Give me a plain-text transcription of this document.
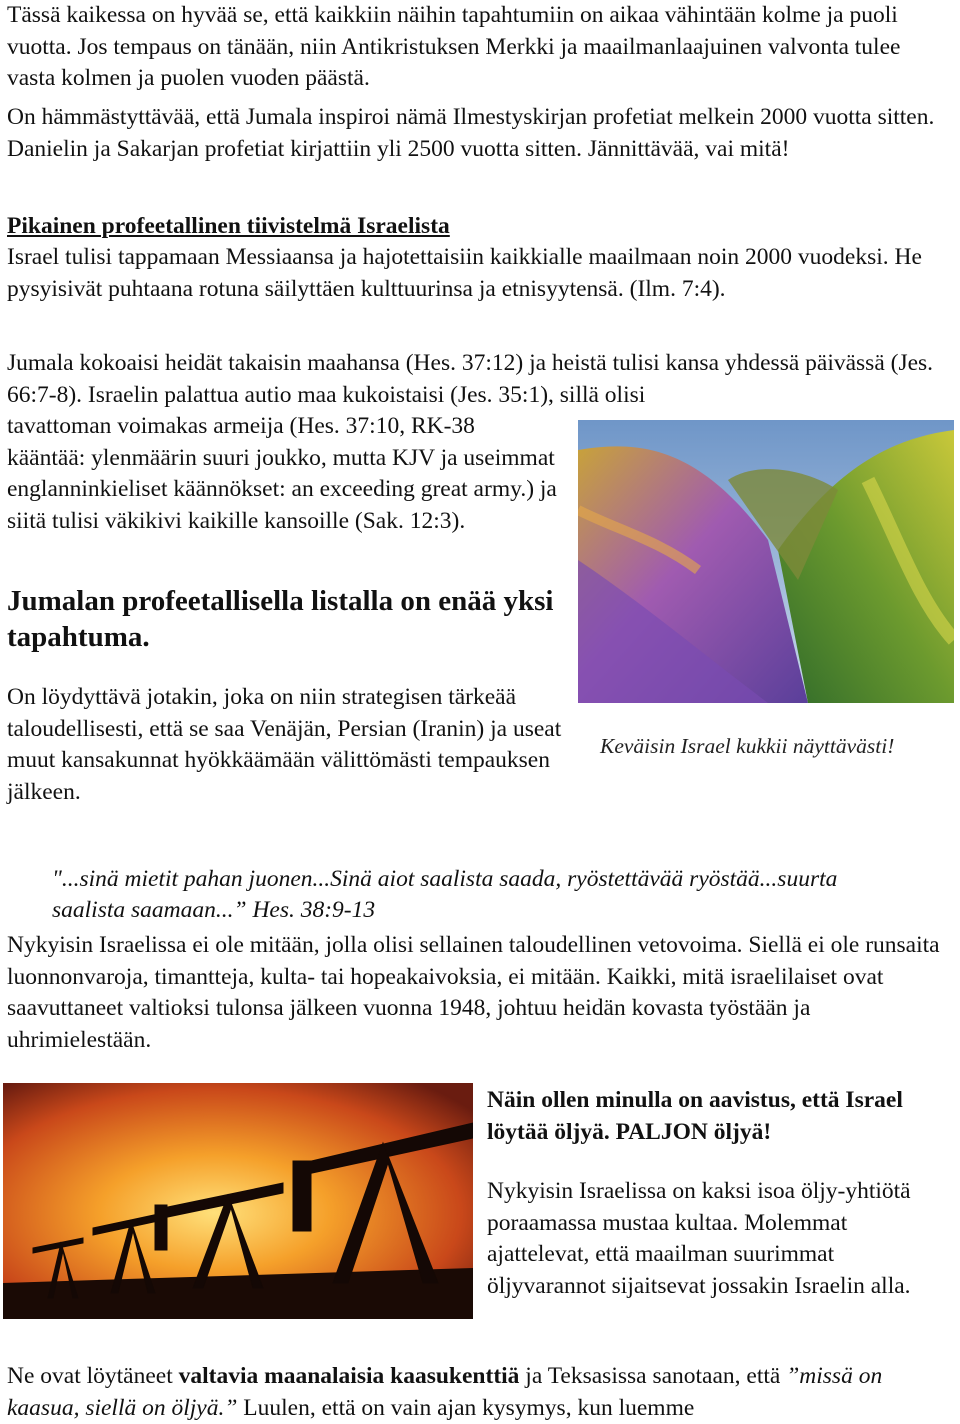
Tässä kaikessa on hyvää se, että kaikkiin näihin tapahtumiin on aikaa vähintään kolme ja puoli vuotta. Jos tempaus on tänään, niin Antikristuksen Merkki ja maailmanlaajuinen valvonta tulee vasta kolmen ja puolen vuoden päästä.

On hämmästyttävää, että Jumala inspiroi nämä Ilmestyskirjan profetiat melkein 2000 vuotta sitten. Danielin ja Sakarjan profetiat kirjattiin yli 2500 vuotta sitten. Jännittävää, vai mitä!

Pikainen profeetallinen tiivistelmä Israelista

Israel tulisi tappamaan Messiaansa ja hajotettaisiin kaikkialle maailmaan noin 2000 vuodeksi. He pysyisivät puhtaana rotuna säilyttäen kulttuurinsa ja etnisyytensä. (Ilm. 7:4).

Jumala kokoaisi heidät takaisin maahansa (Hes. 37:12) ja heistä tulisi kansa yhdessä päivässä (Jes. 66:7-8). Israelin palattua autio maa kukoistaisi (Jes. 35:1), sillä olisi

tavattoman voimakas armeija (Hes. 37:10, RK-38 kääntää: ylenmäärin suuri joukko, mutta KJV ja useimmat englanninkieliset käännökset: an exceeding great army.) ja siitä tulisi väkikivi kaikille kansoille (Sak. 12:3).

Jumalan profeetallisella listalla on enää yksi tapahtuma.

On löydyttävä jotakin, joka on niin strategisen tärkeää taloudellisesti, että se saa Venäjän, Persian (Iranin) ja useat muut kansakunnat hyökkäämään välittömästi tempauksen jälkeen.

Keväisin Israel kukkii näyttävästi!

"...sinä mietit pahan juonen...Sinä aiot saalista saada, ryöstettävää ryöstää...suurta saalista saamaan...” Hes. 38:9-13

Nykyisin Israelissa ei ole mitään, jolla olisi sellainen taloudellinen vetovoima. Siellä ei ole runsaita luonnonvaroja, timantteja, kulta- tai hopeakaivoksia, ei mitään. Kaikki, mitä israelilaiset ovat saavuttaneet valtioksi tulonsa jälkeen vuonna 1948, johtuu heidän kovasta työstään ja uhrimielestään.

Näin ollen minulla on aavistus, että Israel löytää öljyä. PALJON öljyä!

Nykyisin Israelissa on kaksi isoa öljy-yhtiötä poraamassa mustaa kultaa. Molemmat ajattelevat, että maailman suurimmat öljyvarannot sijaitsevat jossakin Israelin alla.

Ne ovat löytäneet valtavia maanalaisia kaasukenttiä ja Teksasissa sanotaan, että ”missä on kaasua, siellä on öljyä.” Luulen, että on vain ajan kysymys, kun luemme
